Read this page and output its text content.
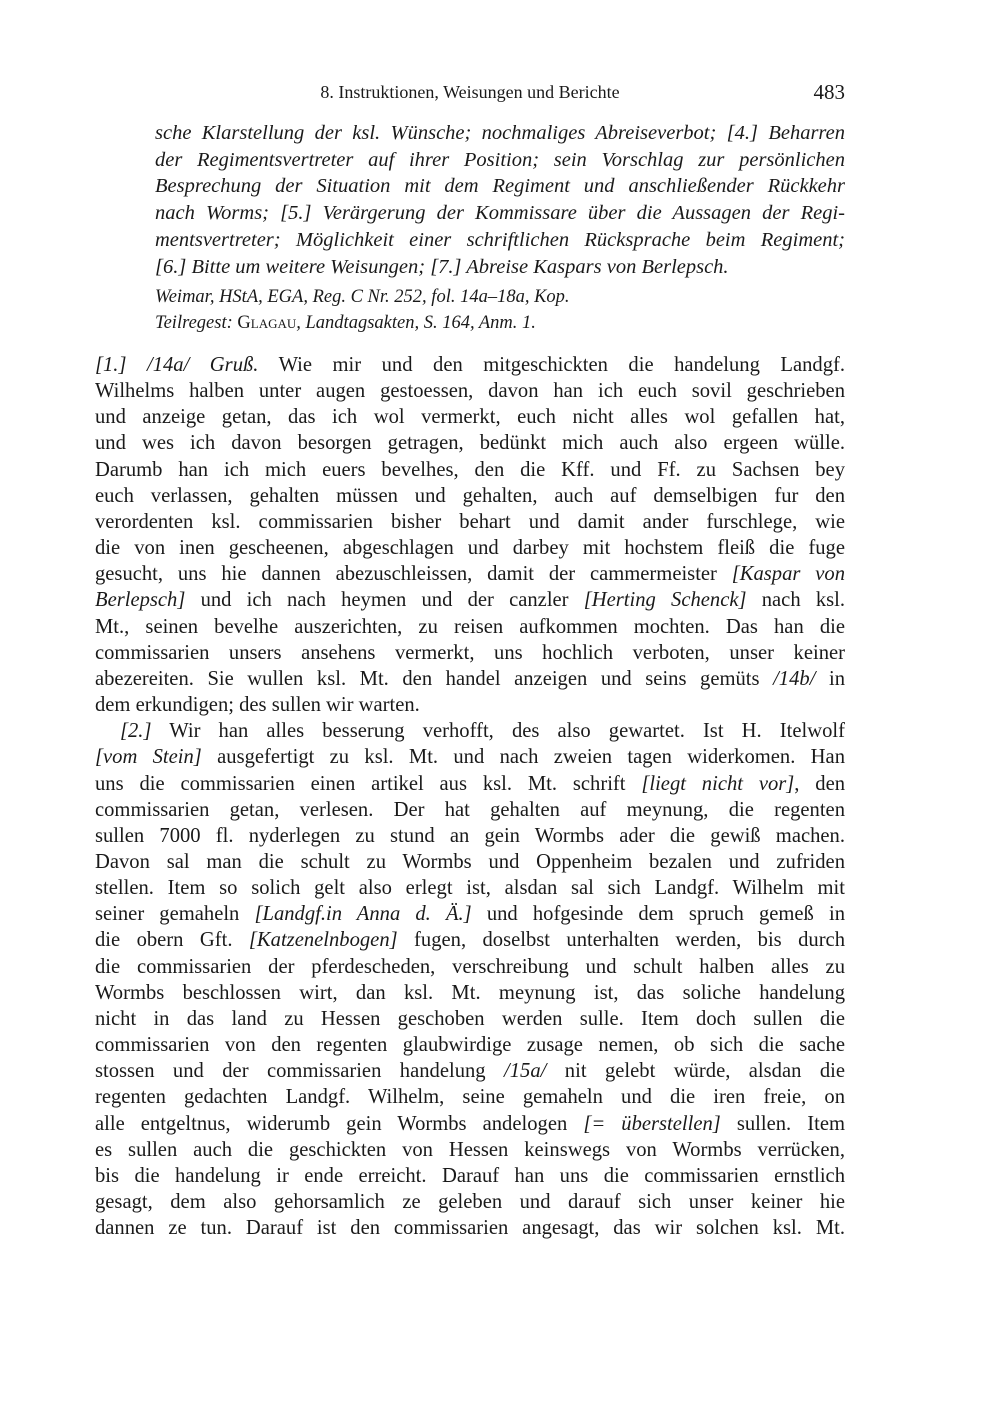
8. Instruktionen, Weisungen und Berichte	483
sche Klarstellung der ksl. Wünsche; nochmaliges Abreiseverbot; [4.] Beharren
der Regimentsvertreter auf ihrer Position; sein Vorschlag zur persönlichen
Besprechung der Situation mit dem Regiment und anschließender Rückkehr
nach Worms; [5.] Verärgerung der Kommissare über die Aussagen der Regi-
mentsvertreter; Möglichkeit einer schriftlichen Rücksprache beim Regiment;
[6.] Bitte um weitere Weisungen; [7.] Abreise Kaspars von Berlepsch.
Weimar, HStA, EGA, Reg. C Nr. 252, fol. 14a–18a, Kop.
Teilregest: Glagau, Landtagsakten, S. 164, Anm. 1.
[1.] /14a/ Gruß. Wie mir und den mitgeschickten die handelung Landgf.
Wilhelms halben unter augen gestoessen, davon han ich euch sovil geschrieben
und anzeige getan, das ich wol vermerkt, euch nicht alles wol gefallen hat,
und wes ich davon besorgen getragen, bedünkt mich auch also ergeen wülle.
Darumb han ich mich euers bevelhes, den die Kff. und Ff. zu Sachsen bey
euch verlassen, gehalten müssen und gehalten, auch auf demselbigen fur den
verordenten ksl. commissarien bisher behart und damit ander furschlege, wie
die von inen gescheenen, abgeschlagen und darbey mit hochstem fleiß die fuge
gesucht, uns hie dannen abezuschleissen, damit der cammermeister [Kaspar von
Berlepsch] und ich nach heymen und der canzler [Herting Schenck] nach ksl.
Mt., seinen bevelhe auszerichten, zu reisen aufkommen mochten. Das han die
commissarien unsers ansehens vermerkt, uns hochlich verboten, unser keiner
abezereiten. Sie wullen ksl. Mt. den handel anzeigen und seins gemüts /14b/ in
dem erkundigen; des sullen wir warten.
[2.] Wir han alles besserung verhofft, des also gewartet. Ist H. Itelwolf
[vom Stein] ausgefertigt zu ksl. Mt. und nach zweien tagen widerkomen. Han
uns die commissarien einen artikel aus ksl. Mt. schrift [liegt nicht vor], den
commissarien getan, verlesen. Der hat gehalten auf meynung, die regenten
sullen 7000 fl. nyderlegen zu stund an gein Wormbs ader die gewiß machen.
Davon sal man die schult zu Wormbs und Oppenheim bezalen und zufriden
stellen. Item so solich gelt also erlegt ist, alsdan sal sich Landgf. Wilhelm mit
seiner gemaheln [Landgf.in Anna d. Ä.] und hofgesinde dem spruch gemeß in
die obern Gft. [Katzenelnbogen] fugen, doselbst unterhalten werden, bis durch
die commissarien der pferdescheden, verschreibung und schult halben alles zu
Wormbs beschlossen wirt, dan ksl. Mt. meynung ist, das soliche handelung
nicht in das land zu Hessen geschoben werden sulle. Item doch sullen die
commissarien von den regenten glaubwirdige zusage nemen, ob sich die sache
stossen und der commissarien handelung /15a/ nit gelebt würde, alsdan die
regenten gedachten Landgf. Wilhelm, seine gemaheln und die iren freie, on
alle entgeltnus, widerumb gein Wormbs andelogen [= überstellen] sullen. Item
es sullen auch die geschickten von Hessen keinswegs von Wormbs verrücken,
bis die handelung ir ende erreicht. Darauf han uns die commissarien ernstlich
gesagt, dem also gehorsamlich ze geleben und darauf sich unser keiner hie
dannen ze tun. Darauf ist den commissarien angesagt, das wir solchen ksl. Mt.
